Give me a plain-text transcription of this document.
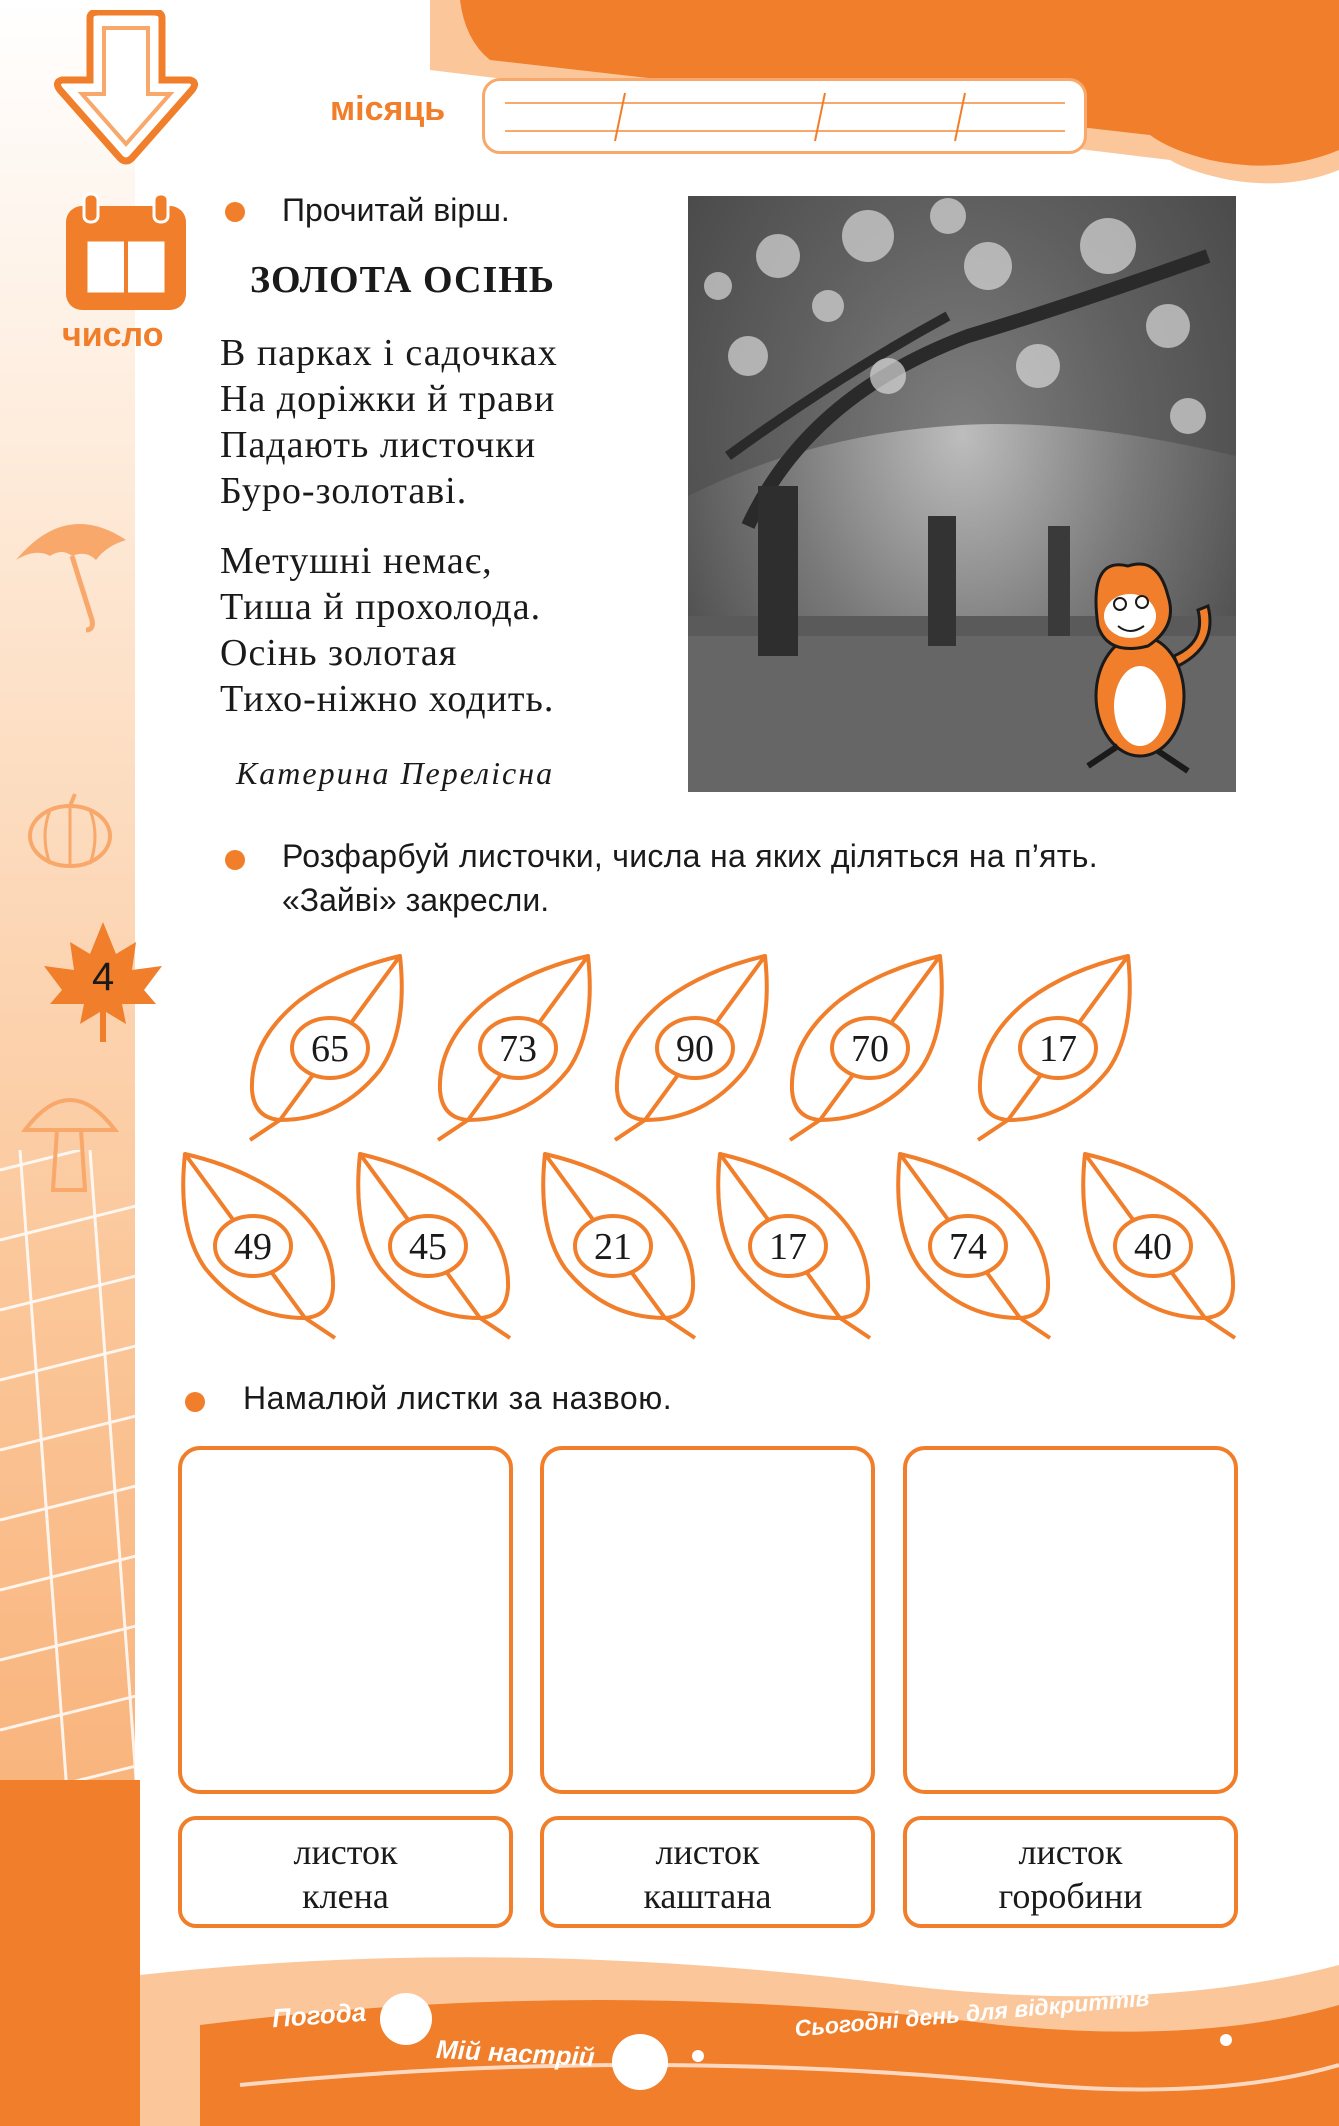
число
4
місяць
Прочитай вірш.
ЗОЛОТА ОСІНЬ
В парках і садочках
На доріжки й трави
Падають листочки
Буро-золотаві.
Метушні немає,
Тиша й прохолода.
Осінь золотая
Тихо-ніжно ходить.
Катерина Перелісна
Розфарбуй листочки, числа на яких діляться на п’ять.
«Зайві» закресли.
65	73	90	70	17
49	45	21	17	74	40
Намалюй листки за назвою.
листок
клена
листок
каштана
листок
горобини
Погода
Мій настрій
Сьогодні день для відкриттів
